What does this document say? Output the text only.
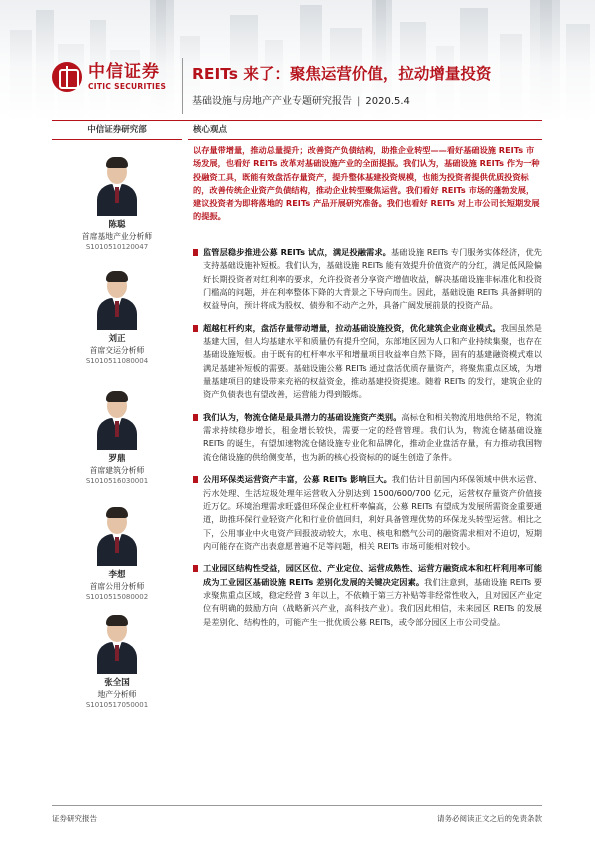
中信证券
CITIC SECURITIES
REITs 来了：聚焦运营价值，拉动增量投资
基础设施与房地产产业专题研究报告 | 2020.5.4
中信证券研究部
陈聪
首席基地产业分析师
S1010510120047
刘正
首席交运分析师
S1010511080004
罗鼎
首席建筑分析师
S1010516030001
李想
首席公用分析师
S1010515080002
张全国
地产分析师
S1010517050001
核心观点
以存量带增量，推动总量提升；改善资产负债结构，助推企业转型——看好基础设施 REITs 市场发展，也看好 REITs 改革对基础设施产业的全面提振。我们认为，基础设施 REITs 作为一种投融资工具，既能有效盘活存量资产，提升整体基建投资规模，也能为投资者提供优质投资标的，改善传统企业资产负债结构，推动企业转型聚焦运营。我们看好 REITs 市场的蓬勃发展，建议投资者为即将落地的 REITs 产品开展研究准备。我们也看好 REITs 对上市公司长短期发展的提振。
监管层稳步推进公募 REITs 试点，满足投融需求。基础设施 REITs 专门服务实体经济，优先支持基础设施补短板。我们认为，基础设施 REITs 能有效提升价值资产的分红，满足低风险偏好长期投资者对红利率的要求，允许投资者分享资产增值收益，解决基础设施非标准化和投资门槛高的问题，并在利率整体下降的大背景之下导向而生。因此，基础设施 REITs 具备鲜明的权益导向，预计将成为股权、债券和不动产之外，具备广阔发展前景的投资产品。
超越杠杆约束，盘活存量带动增量，拉动基础设施投资，优化建筑企业商业模式。我国虽然是基建大国，但人均基建水平和质量仍有提升空间，东部地区因为人口和产业持续集聚，也存在基础设施短板。由于既有的杠杆率水平和增量项目收益率自然下降，固有的基建融资模式难以满足基建补短板的需要。基础设施公募 REITs 通过盘活优质存量资产，将聚焦重点区域，为增量基建项目的建设带来充裕的权益资金，推动基建投资提速。随着 REITs 的发行，建筑企业的资产负债表也有望改善，运营能力得到锻炼。
我们认为，物流仓储是最具潜力的基础设施资产类别。高标仓和相关物流用地供给不足，物流需求持续稳步增长，租金增长较快，需要一定的经营管理。我们认为，物流仓储基础设施 REITs 的诞生，有望加速物流仓储设施专业化和品牌化，推动企业盘活存量，有力推动我国物流仓储设施的供给侧变革，也为新的核心投资标的的诞生创造了条件。
公用环保类运营资产丰富，公募 REITs 影响巨大。我们估计目前国内环保领域中供水运营、污水处理、生活垃圾处理年运营收入分别达到 1500/600/700 亿元，运营权存量资产价值接近万亿。环境治理需求旺盛但环保企业杠杆率偏高，公募 REITs 有望成为发展所需资金重要通道，助推环保行业轻资产化和行业价值回归，利好具备管理优势的环保龙头转型运营。相比之下，公用事业中火电资产回报波动较大，水电、核电和燃气公司的融资需求相对不迫切，短期内可能存在资产出表意愿普遍不足等问题，相关 REITs 市场可能相对较小。
工业园区结构性受益，园区区位、产业定位、运营成熟性、运营方融资成本和杠杆利用率可能成为工业园区基础设施 REITs 差别化发展的关键决定因素。我们注意到，基础设施 REITs 要求聚焦重点区域，稳定经营 3 年以上，不依赖于第三方补贴等非经常性收入，且对园区产业定位有明确的鼓励方向（战略新兴产业，高科技产业）。我们因此相信，未来园区 REITs 的发展是差别化、结构性的，可能产生一批优质公募 REITs，或令部分园区上市公司受益。
证券研究报告	请务必阅读正文之后的免责条款
